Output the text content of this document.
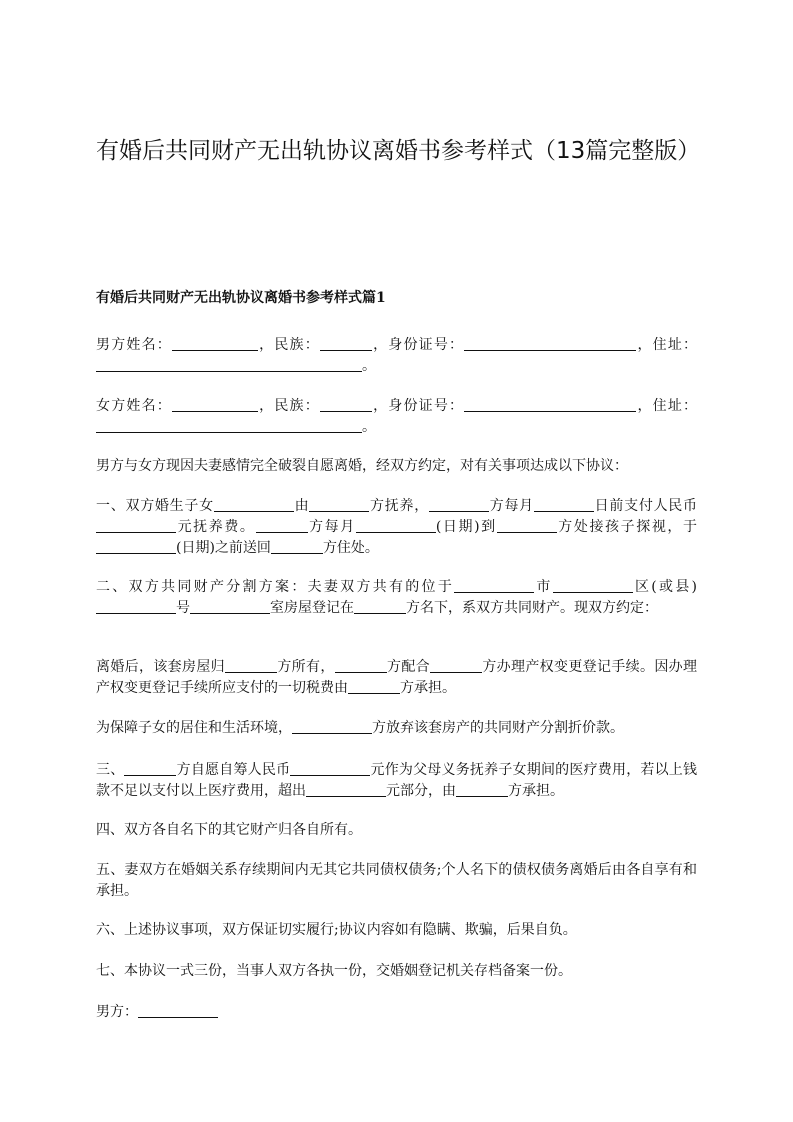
有婚后共同财产无出轨协议离婚书参考样式（13篇完整版）

有婚后共同财产无出轨协议离婚书参考样式篇1

男方姓名：	，民族：	，身份证号：	，住址：。

女方姓名：	，民族：	，身份证号：	，住址：。

男方与女方现因夫妻感情完全破裂自愿离婚，经双方约定，对有关事项达成以下协议：

一、双方婚生子女	由	方抚养，	方每月	日前支付人民币元抚养费。	方每月	(日期)到	方处接孩子探视，于(日期)之前送回	方住处。

二、双方共同财产分割方案：夫妻双方共有的位于	市	区(或县)号	室房屋登记在	方名下，系双方共同财产。现双方约定：

离婚后，该套房屋归	方所有，	方配合	方办理产权变更登记手续。因办理产权变更登记手续所应支付的一切税费由	方承担。

为保障子女的居住和生活环境，	方放弃该套房产的共同财产分割折价款。

三、	方自愿自筹人民币	元作为父母义务抚养子女期间的医疗费用，若以上钱款不足以支付以上医疗费用，超出	元部分，由	方承担。

四、双方各自名下的其它财产归各自所有。

五、妻双方在婚姻关系存续期间内无其它共同债权债务;个人名下的债权债务离婚后由各自享有和承担。

六、上述协议事项，双方保证切实履行;协议内容如有隐瞒、欺骗，后果自负。

七、本协议一式三份，当事人双方各执一份，交婚姻登记机关存档备案一份。

男方：
